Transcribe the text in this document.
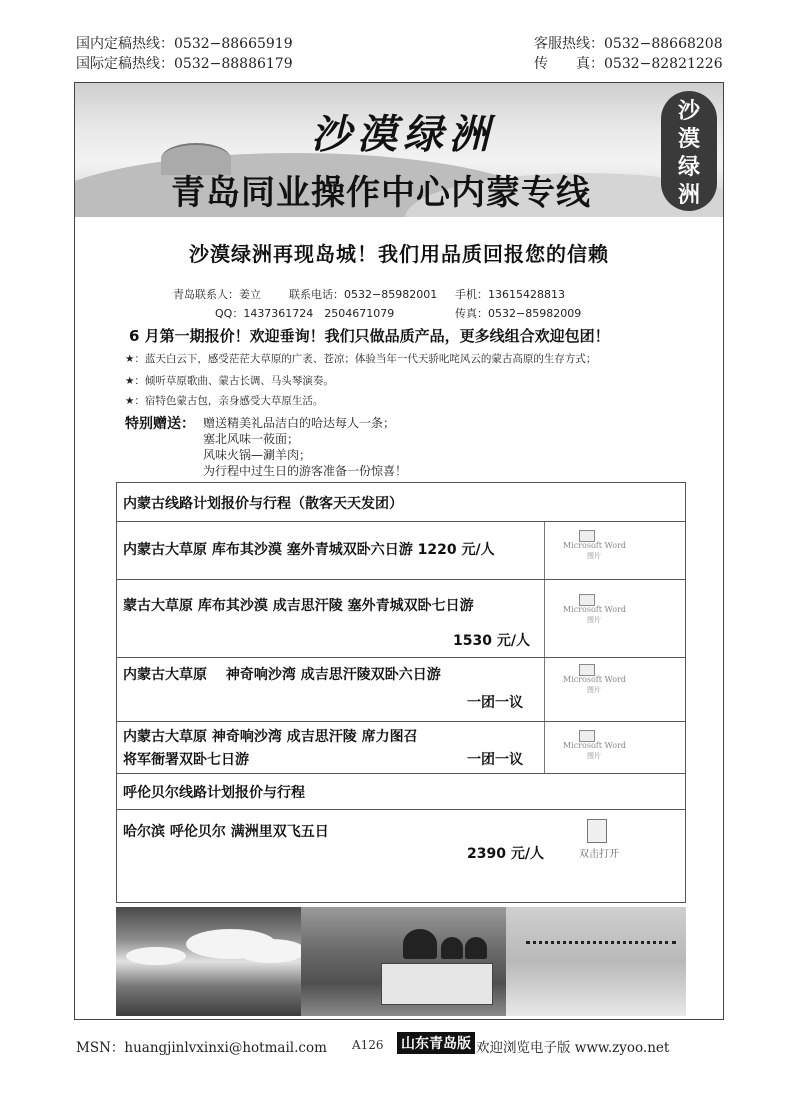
国内定稿热线：0532−88665919
国际定稿热线：0532−88886179
客服热线：0532−88668208
传　　真：0532−82821226
沙漠绿洲
青岛同业操作中心内蒙专线
沙
漠
绿
洲
沙漠绿洲再现岛城！我们用品质回报您的信赖
青岛联系人：姜立	联系电话：0532−85982001 手机：13615428813
QQ：1437361724　2504671079	传真：0532−85982009
6 月第一期报价！欢迎垂询！我们只做品质产品，更多线组合欢迎包团！
★：蓝天白云下，感受茫茫大草原的广袤、苍凉；体验当年一代天骄叱咤风云的蒙古高原的生存方式；
★：倾听草原歌曲、蒙古长调、马头琴演奏。
★：宿特色蒙古包，亲身感受大草原生活。
特别赠送： 赠送精美礼品洁白的哈达每人一条；
塞北风味一莜面；
风味火锅—涮羊肉；
为行程中过生日的游客准备一份惊喜！
内蒙古线路计划报价与行程（散客天天发团）
内蒙古大草原 库布其沙漠 塞外青城双卧六日游 1220 元/人	Microsoft Word
图片
蒙古大草原 库布其沙漠 成吉思汗陵 塞外青城双卧七日游
1530 元/人
Microsoft Word
图片
内蒙古大草原　 神奇响沙湾 成吉思汗陵双卧六日游
一团一议
Microsoft Word
图片
内蒙古大草原 神奇响沙湾 成吉思汗陵 席力图召
将军衙署双卧七日游	一团一议
Microsoft Word
图片
呼伦贝尔线路计划报价与行程
哈尔滨 呼伦贝尔 满洲里双飞五日
2390 元/人	双击打开
MSN：huangjinlvxinxi@hotmail.com A126 山东青岛版 欢迎浏览电子版 www.zyoo.net
